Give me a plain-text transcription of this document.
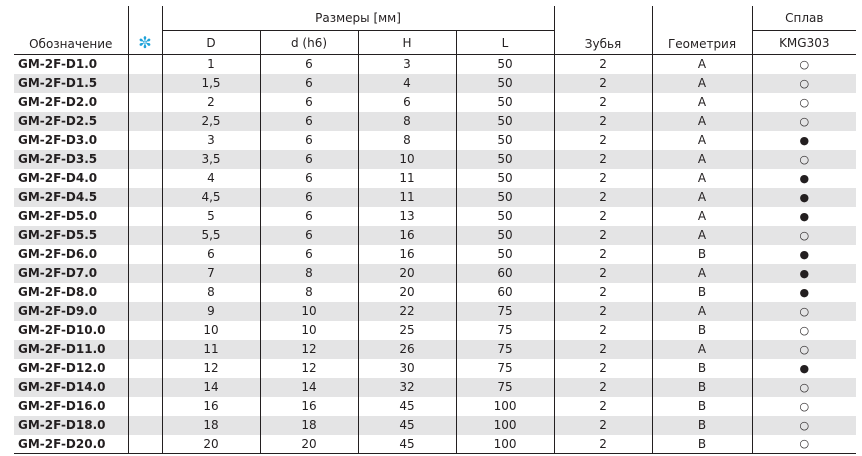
Обозначение	✼	Размеры [мм]				Зубья	Геометрия	Сплав
		D	d (h6)	H	L			KMG303
GM-2F-D1.0		1	6	3	50	2	A	○
GM-2F-D1.5		1,5	6	4	50	2	A	○
GM-2F-D2.0		2	6	6	50	2	A	○
GM-2F-D2.5		2,5	6	8	50	2	A	○
GM-2F-D3.0		3	6	8	50	2	A	●
GM-2F-D3.5		3,5	6	10	50	2	A	○
GM-2F-D4.0		4	6	11	50	2	A	●
GM-2F-D4.5		4,5	6	11	50	2	A	●
GM-2F-D5.0		5	6	13	50	2	A	●
GM-2F-D5.5		5,5	6	16	50	2	A	○
GM-2F-D6.0		6	6	16	50	2	B	●
GM-2F-D7.0		7	8	20	60	2	A	●
GM-2F-D8.0		8	8	20	60	2	B	●
GM-2F-D9.0		9	10	22	75	2	A	○
GM-2F-D10.0		10	10	25	75	2	B	○
GM-2F-D11.0		11	12	26	75	2	A	○
GM-2F-D12.0		12	12	30	75	2	B	●
GM-2F-D14.0		14	14	32	75	2	B	○
GM-2F-D16.0		16	16	45	100	2	B	○
GM-2F-D18.0		18	18	45	100	2	B	○
GM-2F-D20.0		20	20	45	100	2	B	○
